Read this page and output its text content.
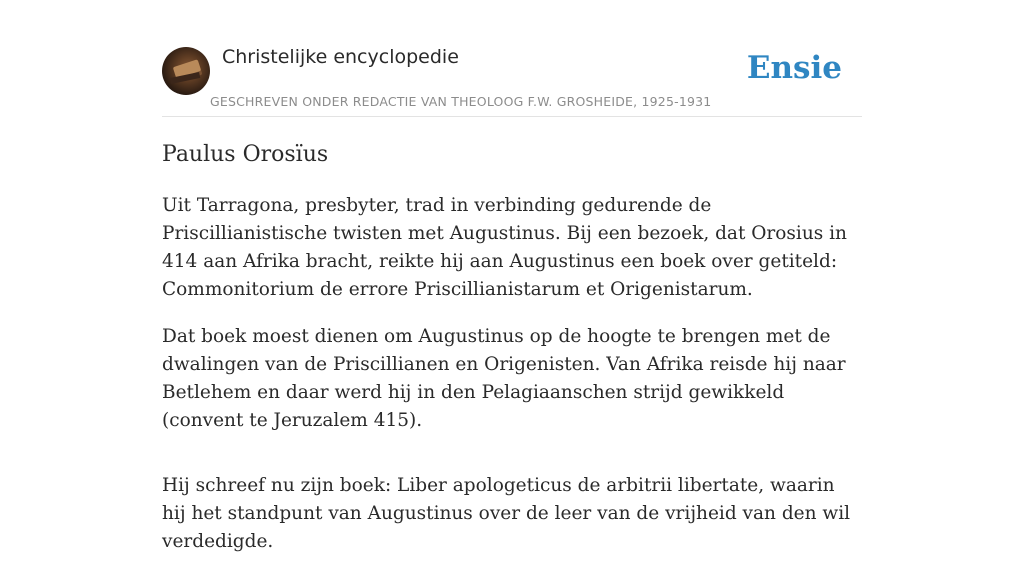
Christelijke encyclopedie
GESCHREVEN ONDER REDACTIE VAN THEOLOOG F.W. GROSHEIDE, 1925-1931
Ensie
Paulus Orosïus

Uit Tarragona, presbyter, trad in verbinding gedurende de Priscillianistische twisten met Augustinus. Bij een bezoek, dat Orosius in 414 aan Afrika bracht, reikte hij aan Augustinus een boek over getiteld: Commonitorium de errore Priscillianistarum et Origenistarum.

Dat boek moest dienen om Augustinus op de hoogte te brengen met de dwalingen van de Priscillianen en Origenisten. Van Afrika reisde hij naar Betlehem en daar werd hij in den Pelagiaanschen strijd gewikkeld (convent te Jeruzalem 415).

Hij schreef nu zijn boek: Liber apologeticus de arbitrii libertate, waarin hij het standpunt van Augustinus over de leer van de vrijheid van den wil verdedigde.
